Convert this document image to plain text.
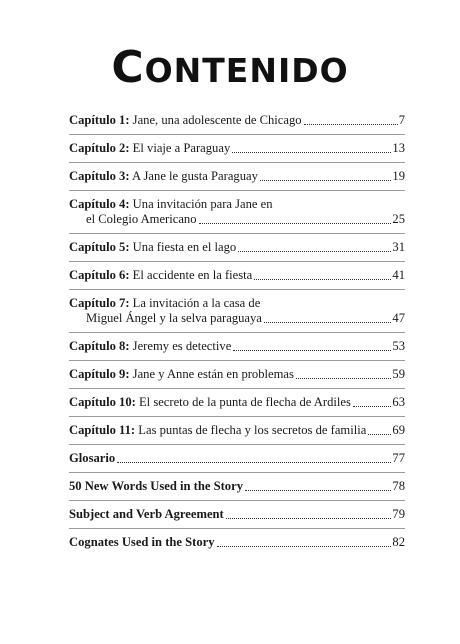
CONTENIDO
Capítulo 1: Jane, una adolescente de Chicago	7
Capítulo 2: El viaje a Paraguay	13
Capítulo 3: A Jane le gusta Paraguay	19
Capítulo 4: Una invitación para Jane en
el Colegio Americano	25
Capítulo 5: Una fiesta en el lago	31
Capítulo 6: El accidente en la fiesta	41
Capítulo 7: La invitación a la casa de
Miguel Ángel y la selva paraguaya	47
Capítulo 8: Jeremy es detective	53
Capítulo 9: Jane y Anne están en problemas	59
Capítulo 10: El secreto de la punta de flecha de Ardiles	63
Capítulo 11: Las puntas de flecha y los secretos de familia 69
Glosario	77
50 New Words Used in the Story	78
Subject and Verb Agreement	79
Cognates Used in the Story	82
